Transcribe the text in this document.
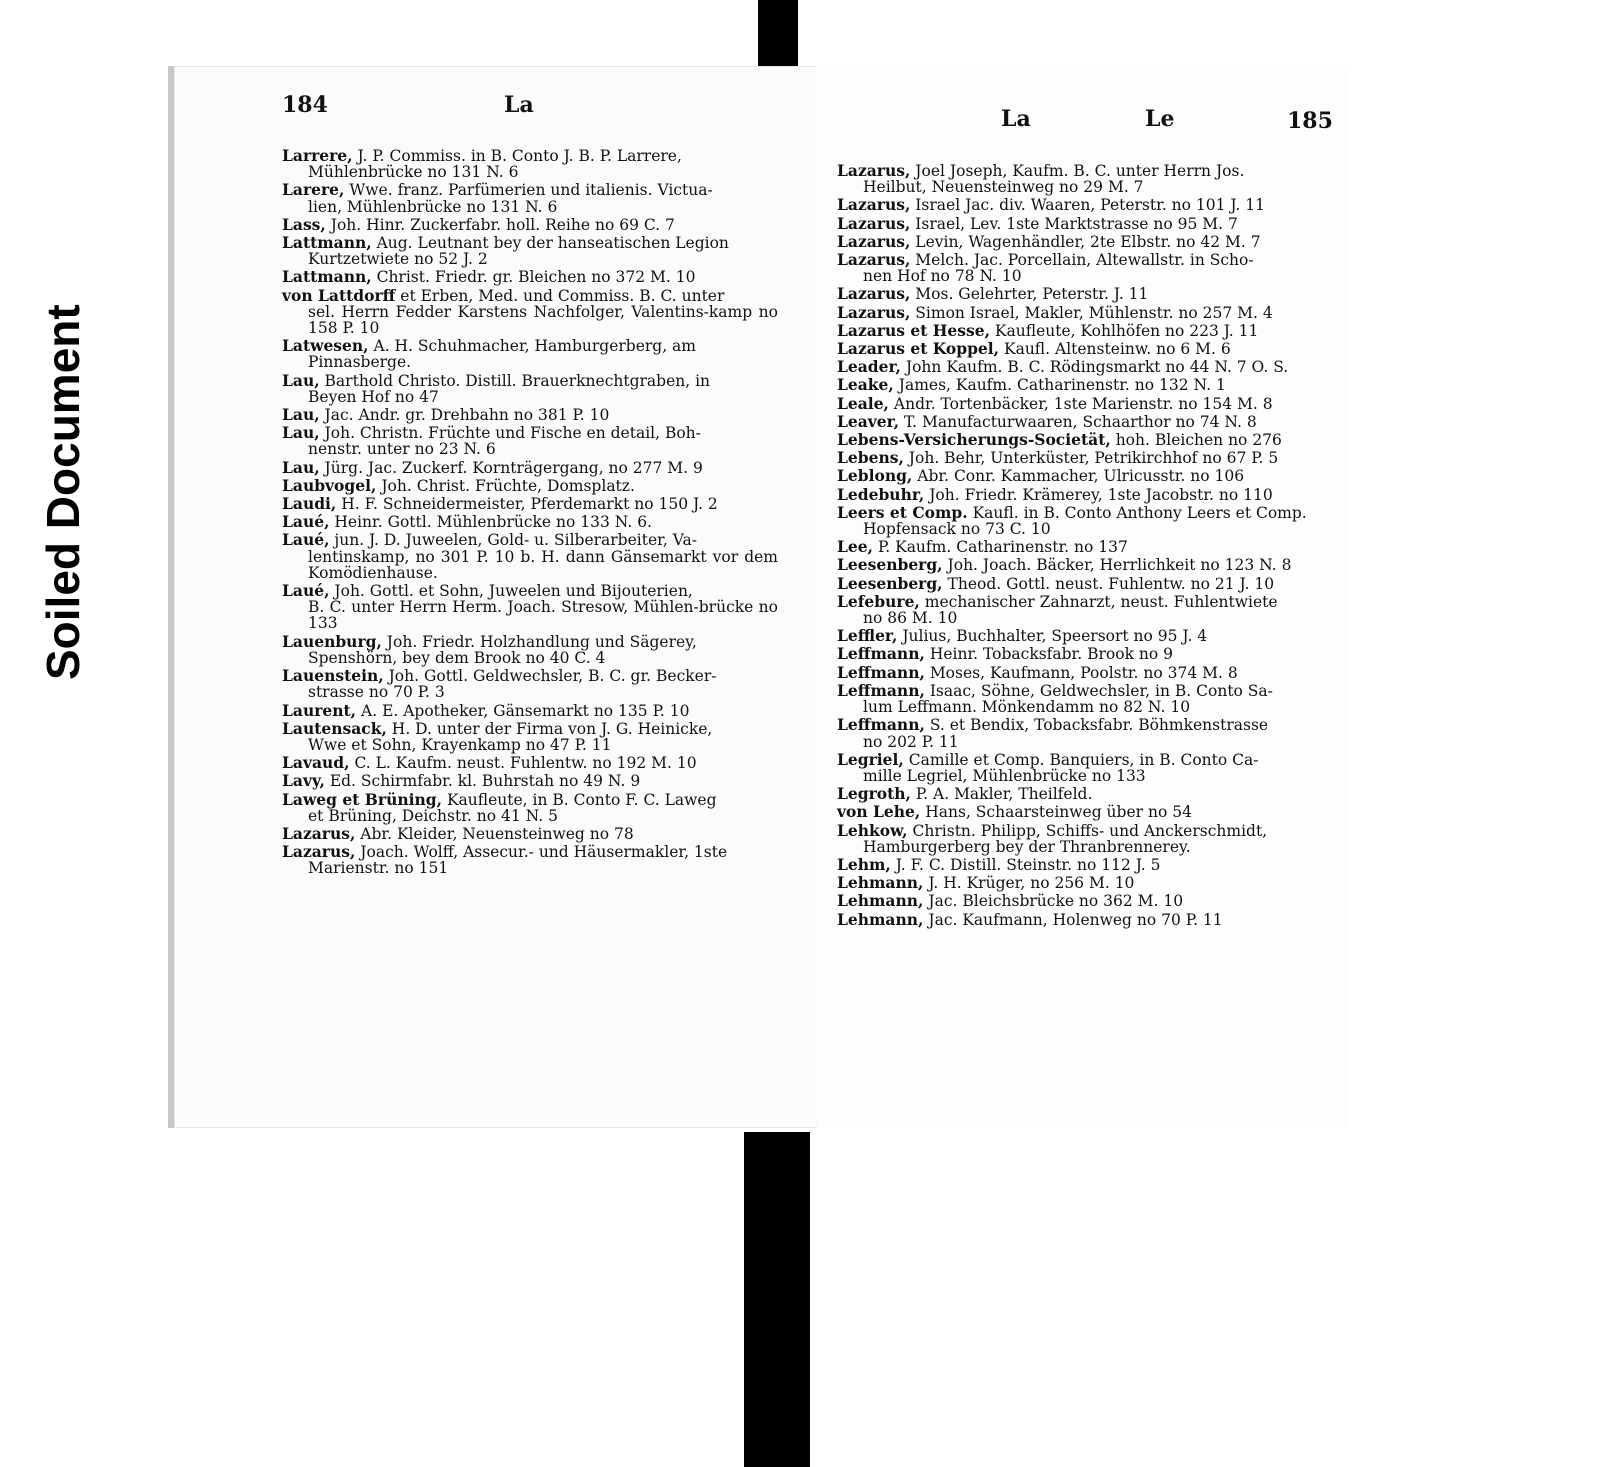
Soiled Document
184	La
Larrere, J. P. Commiss. in B. Conto J. B. P. Larrere,
Mühlenbrücke no 131 N. 6
Larere, Wwe. franz. Parfümerien und italienis. Victua-
lien, Mühlenbrücke no 131 N. 6
Lass, Joh. Hinr. Zuckerfabr. holl. Reihe no 69 C. 7
Lattmann, Aug. Leutnant bey der hanseatischen Legion
Kurtzetwiete no 52 J. 2
Lattmann, Christ. Friedr. gr. Bleichen no 372 M. 10
von Lattdorff et Erben, Med. und Commiss. B. C. unter
sel. Herrn Fedder Karstens Nachfolger, Valentins-kamp no 158 P. 10
Latwesen, A. H. Schuhmacher, Hamburgerberg, am
Pinnasberge.
Lau, Barthold Christo. Distill. Brauerknechtgraben, in
Beyen Hof no 47
Lau, Jac. Andr. gr. Drehbahn no 381 P. 10
Lau, Joh. Christn. Früchte und Fische en detail, Boh-
nenstr. unter no 23 N. 6
Lau, Jürg. Jac. Zuckerf. Kornträgergang, no 277 M. 9
Laubvogel, Joh. Christ. Früchte, Domsplatz.
Laudi, H. F. Schneidermeister, Pferdemarkt no 150 J. 2
Laué, Heinr. Gottl. Mühlenbrücke no 133 N. 6.
Laué, jun. J. D. Juweelen, Gold- u. Silberarbeiter, Va-
lentinskamp, no 301 P. 10 b. H. dann Gänsemarkt vor dem Komödienhause.
Laué, Joh. Gottl. et Sohn, Juweelen und Bijouterien,
B. C. unter Herrn Herm. Joach. Stresow, Mühlen-brücke no 133
Lauenburg, Joh. Friedr. Holzhandlung und Sägerey,
Spenshörn, bey dem Brook no 40 C. 4
Lauenstein, Joh. Gottl. Geldwechsler, B. C. gr. Becker-
strasse no 70 P. 3
Laurent, A. E. Apotheker, Gänsemarkt no 135 P. 10
Lautensack, H. D. unter der Firma von J. G. Heinicke,
Wwe et Sohn, Krayenkamp no 47 P. 11
Lavaud, C. L. Kaufm. neust. Fuhlentw. no 192 M. 10
Lavy, Ed. Schirmfabr. kl. Buhrstah no 49 N. 9
Laweg et Brüning, Kaufleute, in B. Conto F. C. Laweg
et Brüning, Deichstr. no 41 N. 5
Lazarus, Abr. Kleider, Neuensteinweg no 78
Lazarus, Joach. Wolff, Assecur.- und Häusermakler, 1ste
Marienstr. no 151
La	Le	185
Lazarus, Joel Joseph, Kaufm. B. C. unter Herrn Jos.
Heilbut, Neuensteinweg no 29 M. 7
Lazarus, Israel Jac. div. Waaren, Peterstr. no 101 J. 11
Lazarus, Israel, Lev. 1ste Marktstrasse no 95 M. 7
Lazarus, Levin, Wagenhändler, 2te Elbstr. no 42 M. 7
Lazarus, Melch. Jac. Porcellain, Altewallstr. in Scho-
nen Hof no 78 N. 10
Lazarus, Mos. Gelehrter, Peterstr. J. 11
Lazarus, Simon Israel, Makler, Mühlenstr. no 257 M. 4
Lazarus et Hesse, Kaufleute, Kohlhöfen no 223 J. 11
Lazarus et Koppel, Kaufl. Altensteinw. no 6 M. 6
Leader, John Kaufm. B. C. Rödingsmarkt no 44 N. 7 O. S.
Leake, James, Kaufm. Catharinenstr. no 132 N. 1
Leale, Andr. Tortenbäcker, 1ste Marienstr. no 154 M. 8
Leaver, T. Manufacturwaaren, Schaarthor no 74 N. 8
Lebens-Versicherungs-Societät, hoh. Bleichen no 276
Lebens, Joh. Behr, Unterküster, Petrikirchhof no 67 P. 5
Leblong, Abr. Conr. Kammacher, Ulricusstr. no 106
Ledebuhr, Joh. Friedr. Krämerey, 1ste Jacobstr. no 110
Leers et Comp. Kaufl. in B. Conto Anthony Leers et Comp.
Hopfensack no 73 C. 10
Lee, P. Kaufm. Catharinenstr. no 137
Leesenberg, Joh. Joach. Bäcker, Herrlichkeit no 123 N. 8
Leesenberg, Theod. Gottl. neust. Fuhlentw. no 21 J. 10
Lefebure, mechanischer Zahnarzt, neust. Fuhlentwiete
no 86 M. 10
Leffler, Julius, Buchhalter, Speersort no 95 J. 4
Leffmann, Heinr. Tobacksfabr. Brook no 9
Leffmann, Moses, Kaufmann, Poolstr. no 374 M. 8
Leffmann, Isaac, Söhne, Geldwechsler, in B. Conto Sa-
lum Leffmann. Mönkendamm no 82 N. 10
Leffmann, S. et Bendix, Tobacksfabr. Böhmkenstrasse
no 202 P. 11
Legriel, Camille et Comp. Banquiers, in B. Conto Ca-
mille Legriel, Mühlenbrücke no 133
Legroth, P. A. Makler, Theilfeld.
von Lehe, Hans, Schaarsteinweg über no 54
Lehkow, Christn. Philipp, Schiffs- und Anckerschmidt,
Hamburgerberg bey der Thranbrennerey.
Lehm, J. F. C. Distill. Steinstr. no 112 J. 5
Lehmann, J. H. Krüger, no 256 M. 10
Lehmann, Jac. Bleichsbrücke no 362 M. 10
Lehmann, Jac. Kaufmann, Holenweg no 70 P. 11
